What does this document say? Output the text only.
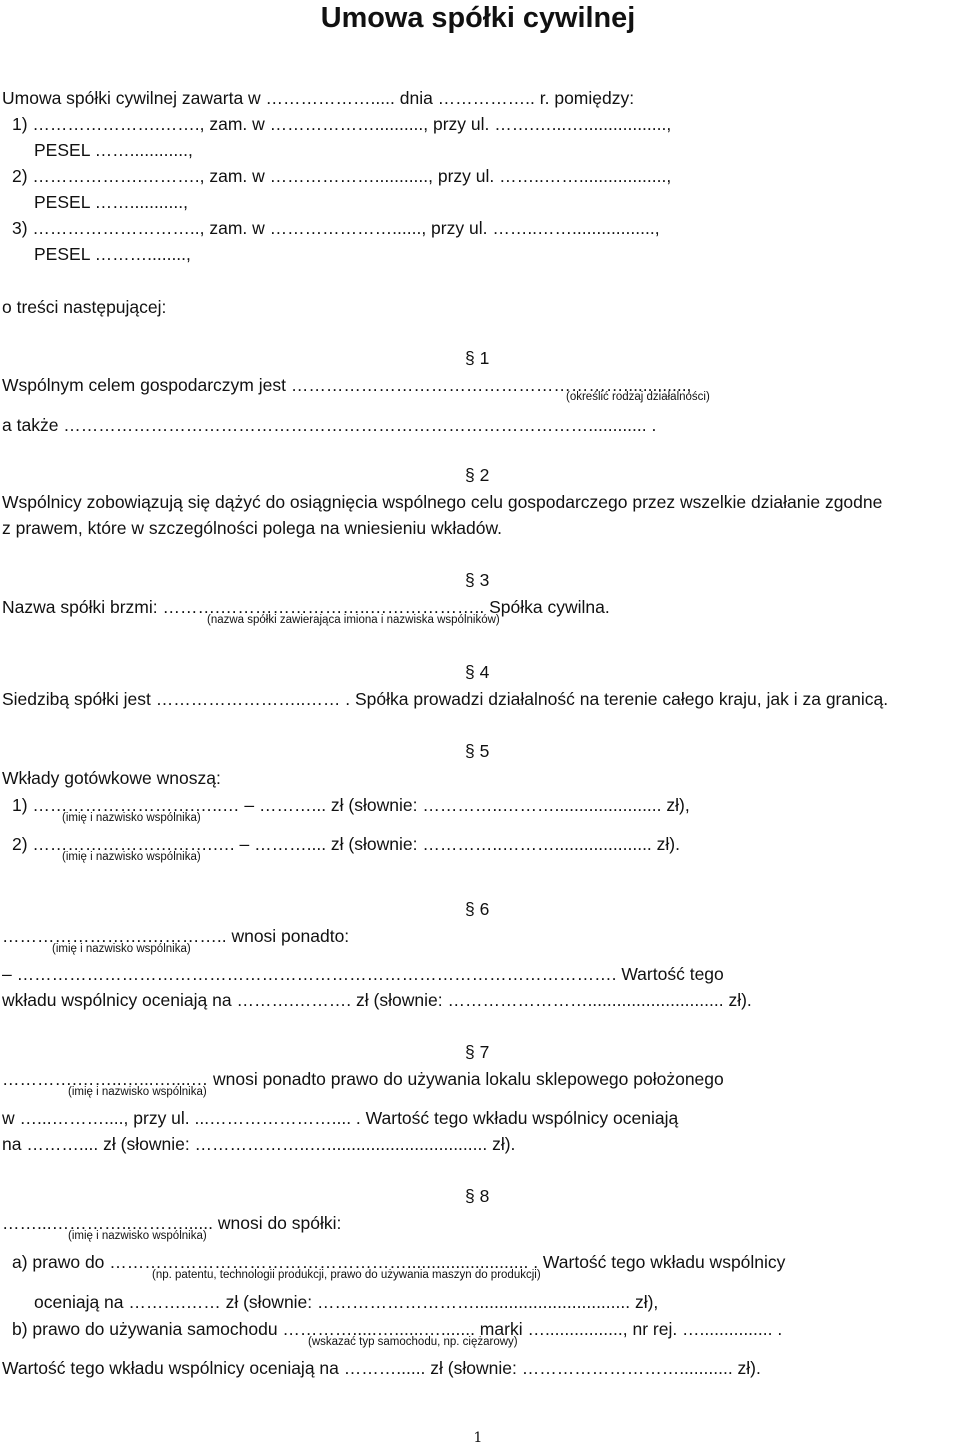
Umowa spółki cywilnej
Umowa spółki cywilnej zawarta w ………………..... dnia …………….. r. pomiędzy:
1) ………………….……., zam. w ……………….........., przy ul. …….…...….................,
PESEL ……............,
2) ……………….………., zam. w ………………..........., przy ul. ……..……..................,
PESEL ……...........,
3) ……………………….., zam. w …………………......, przy ul. ……..…….................,
PESEL ………........,
o treści następującej:
§ 1
Wspólnym celem gospodarczym jest ………………………………………………….............,
(określić rodzaj działalności)
a także ………………………………………………………………………………............ .
§ 2
Wspólnicy zobowiązują się dążyć do osiągnięcia wspólnego celu gospodarczego przez wszelkie działanie zgodne
z prawem, które w szczególności polega na wniesieniu wkładów.
§ 3
Nazwa spółki brzmi: ……….……………………..……………….. Spółka cywilna.
(nazwa spółki zawierająca imiona i nazwiska wspólników)
§ 4
Siedzibą spółki jest ……………………..…… . Spółka prowadzi działalność na terenie całego kraju, jak i za granicą.
§ 5
Wkłady gotówkowe wnoszą:
1) ……………………….…..… – ………... zł (słownie: …………..………...................... zł),
(imię i nazwisko wspólnika)
2) ………………………….…. – ……….... zł (słownie: …………..……….................... zł).
(imię i nazwisko wspólnika)
§ 6
…………………….………….. wnosi ponadto:
(imię i nazwisko wspólnika)
– …………………………………………………………………………………………. Wartość tego
wkładu wspólnicy oceniają na ……….………. zł (słownie: ……………………............................ zł).
§ 7
………….……..…...…....… wnosi ponadto prawo do używania lokalu sklepowego położonego
(imię i nazwisko wspólnika)
w …...………...., przy ul. ...………………….... . Wartość tego wkładu wspólnicy oceniają
na ……….... zł (słownie: ………………..…................................. zł).
§ 8
……...…………..………...... wnosi do spółki:
(imię i nazwisko wspólnika)
a) prawo do ……………………………………………......................... . Wartość tego wkładu wspólnicy
(np. patentu, technologii produkcji, prawo do używania maszyn do produkcji)
oceniają na ……….…… zł (słownie: ………………………................................ zł),
b) prawo do używania samochodu ………….....…......…....... marki …................, nr rej. …............... .
(wskazać typ samochodu, np. ciężarowy)
Wartość tego wkładu wspólnicy oceniają na ………...... zł (słownie: ………………………........... zł).
1
